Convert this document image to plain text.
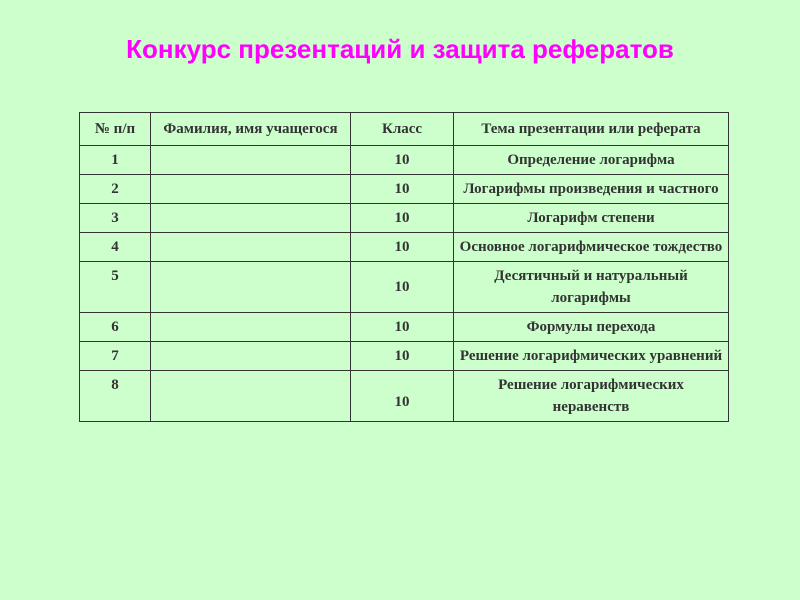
Конкурс презентаций и защита рефератов
№ п/п	Фамилия, имя учащегося	Класс	Тема презентации или реферата
1		10	Определение логарифма
2		10	Логарифмы произведения и частного
3		10	Логарифм степени
4		10	Основное логарифмическое тождество
5		10	Десятичный и натуральный логарифмы
6		10	Формулы перехода
7		10	Решение логарифмических уравнений
8		10	Решение логарифмических неравенств
